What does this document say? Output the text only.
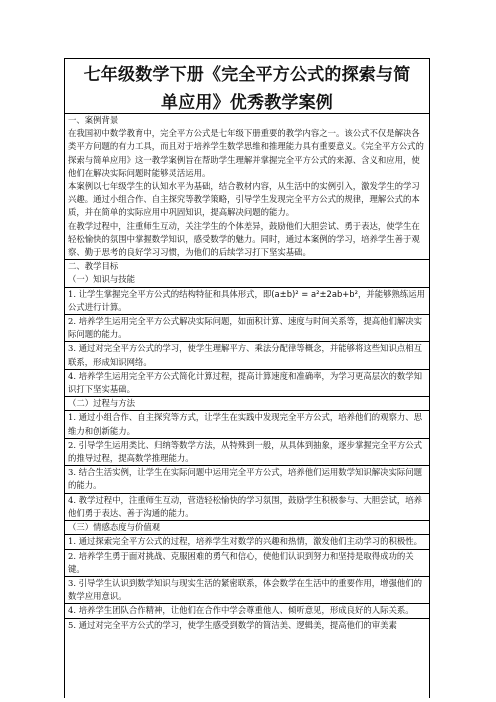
七年级数学下册《完全平方公式的探索与简
单应用》优秀教学案例

一、案例背景

在我国初中数学教育中，完全平方公式是七年级下册重要的教学内容之一。该公式不仅是解决各类平方问题的有力工具，而且对于培养学生数学思维和推理能力具有重要意义。《完全平方公式的探索与简单应用》这一教学案例旨在帮助学生理解并掌握完全平方公式的来源、含义和应用，使他们在解决实际问题时能够灵活运用。

本案例以七年级学生的认知水平为基础，结合教材内容，从生活中的实例引入，激发学生的学习兴趣。通过小组合作、自主探究等教学策略，引导学生发现完全平方公式的规律，理解公式的本质，并在简单的实际应用中巩固知识，提高解决问题的能力。

在教学过程中，注重师生互动，关注学生的个体差异，鼓励他们大胆尝试、勇于表达，使学生在轻松愉快的氛围中掌握数学知识，感受数学的魅力。同时，通过本案例的学习，培养学生善于观察、勤于思考的良好学习习惯，为他们的后续学习打下坚实基础。

二、教学目标

（一）知识与技能

1. 让学生掌握完全平方公式的结构特征和具体形式，即(a±b)² = a²±2ab+b²，并能够熟练运用公式进行计算。
2. 培养学生运用完全平方公式解决实际问题，如面积计算、速度与时间关系等，提高他们解决实际问题的能力。
3. 通过对完全平方公式的学习，使学生理解平方、乘法分配律等概念，并能够将这些知识点相互联系，形成知识网络。
4. 培养学生运用完全平方公式简化计算过程，提高计算速度和准确率，为学习更高层次的数学知识打下坚实基础。
（二）过程与方法
1. 通过小组合作、自主探究等方式，让学生在实践中发现完全平方公式，培养他们的观察力、思维力和创新能力。
2. 引导学生运用类比、归纳等数学方法，从特殊到一般，从具体到抽象，逐步掌握完全平方公式的推导过程，提高数学推理能力。
3. 结合生活实例，让学生在实际问题中运用完全平方公式，培养他们运用数学知识解决实际问题的能力。
4. 教学过程中，注重师生互动，营造轻松愉快的学习氛围，鼓励学生积极参与、大胆尝试，培养他们勇于表达、善于沟通的能力。
（三）情感态度与价值观
1. 通过探索完全平方公式的过程，培养学生对数学的兴趣和热情，激发他们主动学习的积极性。
2. 培养学生勇于面对挑战、克服困难的勇气和信心，使他们认识到努力和坚持是取得成功的关键。
3. 引导学生认识到数学知识与现实生活的紧密联系，体会数学在生活中的重要作用，增强他们的数学应用意识。
4. 培养学生团队合作精神，让他们在合作中学会尊重他人、倾听意见，形成良好的人际关系。
5. 通过对完全平方公式的学习，使学生感受到数学的简洁美、逻辑美，提高他们的审美素
